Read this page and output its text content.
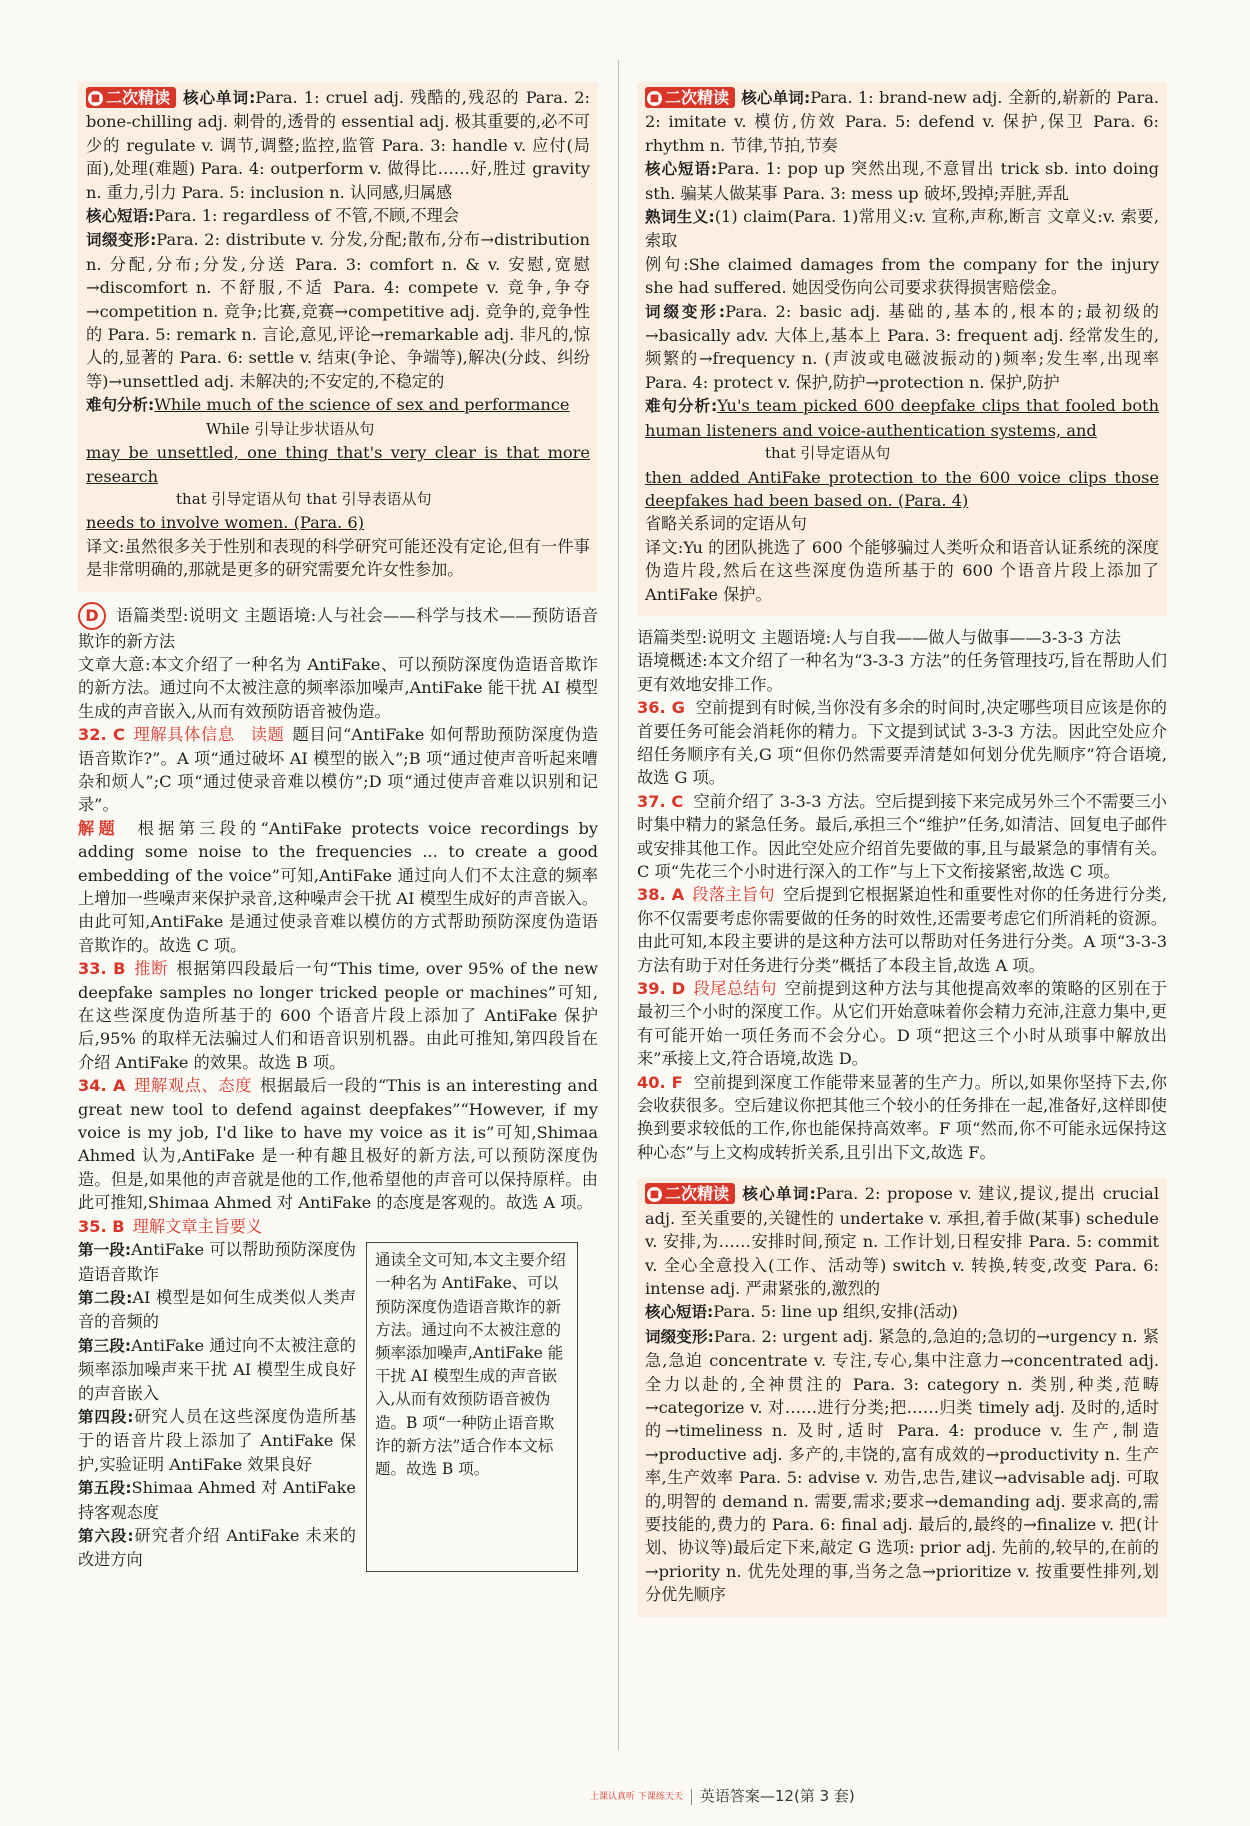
■ 二次精读 核心单词:Para. 1: cruel adj. 残酷的,残忍的 Para. 2: bone-chilling adj. 刺骨的,透骨的 essential adj. 极其重要的,必不可少的 regulate v. 调节,调整;监控,监管 Para. 3: handle v. 应付(局面),处理(难题) Para. 4: outperform v. 做得比……好,胜过 gravity n. 重力,引力 Para. 5: inclusion n. 认同感,归属感

核心短语:Para. 1: regardless of 不管,不顾,不理会

词缀变形:Para. 2: distribute v. 分发,分配;散布,分布→distribution n. 分配,分布;分发,分送 Para. 3: comfort n. & v. 安慰,宽慰→discomfort n. 不舒服,不适 Para. 4: compete v. 竞争,争夺→competition n. 竞争;比赛,竞赛→competitive adj. 竞争的,竞争性的 Para. 5: remark n. 言论,意见,评论→remarkable adj. 非凡的,惊人的,显著的 Para. 6: settle v. 结束(争论、争端等),解决(分歧、纠纷等)→unsettled adj. 未解决的;不安定的,不稳定的

难句分析:While much of the science of sex and performance

While 引导让步状语从句

may be unsettled, one thing that's very clear is that more research

that 引导定语从句 that 引导表语从句

needs to involve women. (Para. 6)

译文:虽然很多关于性别和表现的科学研究可能还没有定论,但有一件事是非常明确的,那就是更多的研究需要允许女性参加。

D 语篇类型:说明文 主题语境:人与社会——科学与技术——预防语音欺诈的新方法

文章大意:本文介绍了一种名为 AntiFake、可以预防深度伪造语音欺诈的新方法。通过向不太被注意的频率添加噪声,AntiFake 能干扰 AI 模型生成的声音嵌入,从而有效预防语音被伪造。

32. C 理解具体信息 读题 题目问“AntiFake 如何帮助预防深度伪造语音欺诈?”。A 项“通过破坏 AI 模型的嵌入”;B 项“通过使声音听起来嘈杂和烦人”;C 项“通过使录音难以模仿”;D 项“通过使声音难以识别和记录”。

解题 根据第三段的“AntiFake protects voice recordings by adding some noise to the frequencies ... to create a good embedding of the voice”可知,AntiFake 通过向人们不太注意的频率上增加一些噪声来保护录音,这种噪声会干扰 AI 模型生成好的声音嵌入。由此可知,AntiFake 是通过使录音难以模仿的方式帮助预防深度伪造语音欺诈的。故选 C 项。

33. B 推断 根据第四段最后一句“This time, over 95% of the new deepfake samples no longer tricked people or machines”可知,在这些深度伪造所基于的 600 个语音片段上添加了 AntiFake 保护后,95% 的取样无法骗过人们和语音识别机器。由此可推知,第四段旨在介绍 AntiFake 的效果。故选 B 项。

34. A 理解观点、态度 根据最后一段的“This is an interesting and great new tool to defend against deepfakes”“However, if my voice is my job, I'd like to have my voice as it is”可知,Shimaa Ahmed 认为,AntiFake 是一种有趣且极好的新方法,可以预防深度伪造。但是,如果他的声音就是他的工作,他希望他的声音可以保持原样。由此可推知,Shimaa Ahmed 对 AntiFake 的态度是客观的。故选 A 项。

35. B 理解文章主旨要义

第一段:AntiFake 可以帮助预防深度伪造语音欺诈

第二段:AI 模型是如何生成类似人类声音的音频的

第三段:AntiFake 通过向不太被注意的频率添加噪声来干扰 AI 模型生成良好的声音嵌入

第四段:研究人员在这些深度伪造所基于的语音片段上添加了 AntiFake 保护,实验证明 AntiFake 效果良好

第五段:Shimaa Ahmed 对 AntiFake 持客观态度

第六段:研究者介绍 AntiFake 未来的改进方向

通读全文可知,本文主要介绍一种名为 AntiFake、可以预防深度伪造语音欺诈的新方法。通过向不太被注意的频率添加噪声,AntiFake 能干扰 AI 模型生成的声音嵌入,从而有效预防语音被伪造。B 项“一种防止语音欺诈的新方法”适合作本文标题。故选 B 项。

■ 二次精读 核心单词:Para. 1: brand-new adj. 全新的,崭新的 Para. 2: imitate v. 模仿,仿效 Para. 5: defend v. 保护,保卫 Para. 6: rhythm n. 节律,节拍,节奏

核心短语:Para. 1: pop up 突然出现,不意冒出 trick sb. into doing sth. 骗某人做某事 Para. 3: mess up 破坏,毁掉;弄脏,弄乱

熟词生义:(1) claim(Para. 1)常用义:v. 宣称,声称,断言 文章义:v. 索要,索取

例句:She claimed damages from the company for the injury she had suffered. 她因受伤向公司要求获得损害赔偿金。

词缀变形:Para. 2: basic adj. 基础的,基本的,根本的;最初级的→basically adv. 大体上,基本上 Para. 3: frequent adj. 经常发生的,频繁的→frequency n. (声波或电磁波振动的)频率;发生率,出现率 Para. 4: protect v. 保护,防护→protection n. 保护,防护

难句分析:Yu's team picked 600 deepfake clips that fooled both human listeners and voice-authentication systems, and

that 引导定语从句

then added AntiFake protection to the 600 voice clips those deepfakes had been based on. (Para. 4)

省略关系词的定语从句

译文:Yu 的团队挑选了 600 个能够骗过人类听众和语音认证系统的深度伪造片段,然后在这些深度伪造所基于的 600 个语音片段上添加了 AntiFake 保护。

语篇类型:说明文 主题语境:人与自我——做人与做事——3-3-3 方法

语境概述:本文介绍了一种名为“3-3-3 方法”的任务管理技巧,旨在帮助人们更有效地安排工作。

36. G 空前提到有时候,当你没有多余的时间时,决定哪些项目应该是你的首要任务可能会消耗你的精力。下文提到试试 3-3-3 方法。因此空处应介绍任务顺序有关,G 项“但你仍然需要弄清楚如何划分优先顺序”符合语境,故选 G 项。

37. C 空前介绍了 3-3-3 方法。空后提到接下来完成另外三个不需要三小时集中精力的紧急任务。最后,承担三个“维护”任务,如清洁、回复电子邮件或安排其他工作。因此空处应介绍首先要做的事,且与最紧急的事情有关。C 项“先花三个小时进行深入的工作”与上下文衔接紧密,故选 C 项。

38. A 段落主旨句 空后提到它根据紧迫性和重要性对你的任务进行分类,你不仅需要考虑你需要做的任务的时效性,还需要考虑它们所消耗的资源。由此可知,本段主要讲的是这种方法可以帮助对任务进行分类。A 项“3-3-3 方法有助于对任务进行分类”概括了本段主旨,故选 A 项。

39. D 段尾总结句 空前提到这种方法与其他提高效率的策略的区别在于最初三个小时的深度工作。从它们开始意味着你会精力充沛,注意力集中,更有可能开始一项任务而不会分心。D 项“把这三个小时从琐事中解放出来”承接上文,符合语境,故选 D。

40. F 空前提到深度工作能带来显著的生产力。所以,如果你坚持下去,你会收获很多。空后建议你把其他三个较小的任务排在一起,准备好,这样即使换到要求较低的工作,你也能保持高效率。F 项“然而,你不可能永远保持这种心态”与上文构成转折关系,且引出下文,故选 F。

■ 二次精读 核心单词:Para. 2: propose v. 建议,提议,提出 crucial adj. 至关重要的,关键性的 undertake v. 承担,着手做(某事) schedule v. 安排,为……安排时间,预定 n. 工作计划,日程安排 Para. 5: commit v. 全心全意投入(工作、活动等) switch v. 转换,转变,改变 Para. 6: intense adj. 严肃紧张的,激烈的

核心短语:Para. 5: line up 组织,安排(活动)

词缀变形:Para. 2: urgent adj. 紧急的,急迫的;急切的→urgency n. 紧急,急迫 concentrate v. 专注,专心,集中注意力→concentrated adj. 全力以赴的,全神贯注的 Para. 3: category n. 类别,种类,范畴→categorize v. 对……进行分类;把……归类 timely adj. 及时的,适时的→timeliness n. 及时,适时 Para. 4: produce v. 生产,制造→productive adj. 多产的,丰饶的,富有成效的→productivity n. 生产率,生产效率 Para. 5: advise v. 劝告,忠告,建议→advisable adj. 可取的,明智的 demand n. 需要,需求;要求→demanding adj. 要求高的,需要技能的,费力的 Para. 6: final adj. 最后的,最终的→finalize v. 把(计划、协议等)最后定下来,敲定 G 选项: prior adj. 先前的,较早的,在前的→priority n. 优先处理的事,当务之急→prioritize v. 按重要性排列,划分优先顺序

上课认真听 下课练天天 英语答案—12(第 3 套)
